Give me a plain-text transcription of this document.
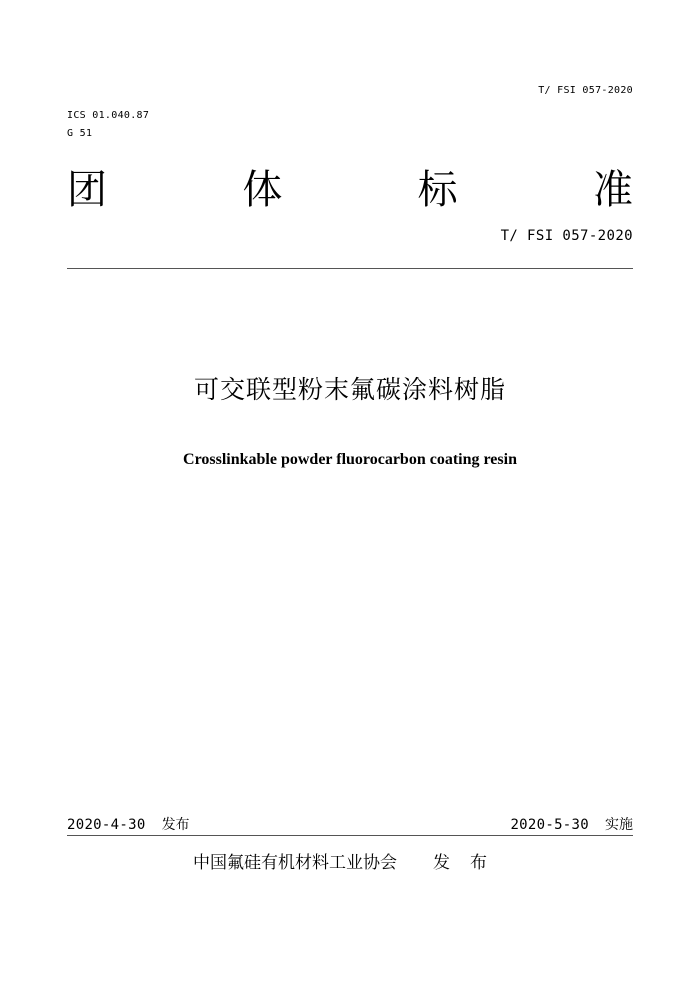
T/ FSI 057-2020
ICS 01.040.87
G 51
团	体	标	准
T/ FSI 057-2020
可交联型粉末氟碳涂料树脂
Crosslinkable powder fluorocarbon coating resin
2020-4-30 发布	2020-5-30 实施
中国氟硅有机材料工业协会 发布
